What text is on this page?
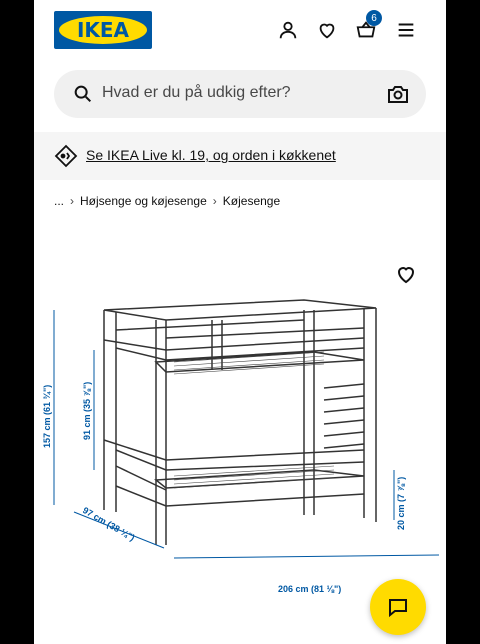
IKEA	6
Hvad er du på udkig efter?
Se IKEA Live kl. 19, og orden i køkkenet
... › Højsenge og køjesenge › Køjesenge
157 cm (61 ¾")	91 cm (35 ⅞")
97 cm (38 ¼")
206 cm (81 ⅛")
20 cm (7 ⅞")
